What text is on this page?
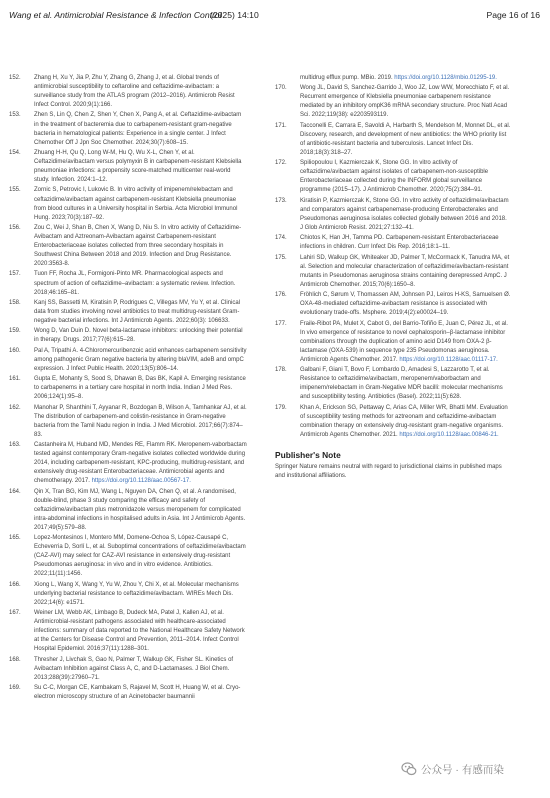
Wang et al. Antimicrobial Resistance & Infection Control
(2025) 14:10	Page 16 of 16
152.	Zhang H, Xu Y, Jia P, Zhu Y, Zhang G, Zhang J, et al. Global trends of antimicrobial susceptibility to ceftaroline and ceftazidime-avibactam: a surveillance study from the ATLAS program (2012–2016). Antimicrob Resist Infect Control. 2020;9(1):166.
153.	Zhen S, Lin Q, Chen Z, Shen Y, Chen X, Pang A, et al. Ceftazidime-avibactam in the treatment of bacteremia due to carbapenem-resistant gram-negative bacteria in hematological patients: Experience in a single center. J Infect Chemother Off J Jpn Soc Chemother. 2024;30(7):608–15.
154.	Zhuang H-H, Qu Q, Long W-M, Hu Q, Wu X-L, Chen Y, et al. Ceftazidime/avibactam versus polymyxin B in carbapenem-resistant Klebsiella pneumoniae infections: a propensity score-matched multicenter real-world study. Infection. 2024:1–12.
155.	Zornic S, Petrovic I, Lukovic B. In vitro activity of imipenem/relebactam and ceftazidime/avibactam against carbapenem-resistant Klebsiella pneumoniae from blood cultures in a University hospital in Serbia. Acta Microbiol Immunol Hung. 2023;70(3):187–92.
156.	Zou C, Wei J, Shan B, Chen X, Wang D, Niu S. In vitro activity of Ceftazidime-Avibactam and Aztreonam-Avibactam against Carbapenem-resistant Enterobacteriaceae isolates collected from three secondary hospitals in Southwest China Between 2018 and 2019. Infection and Drug Resistance. 2020:3563-8.
157.	Tuon FF, Rocha JL, Formigoni-Pinto MR. Pharmacological aspects and spectrum of action of ceftazidime–avibactam: a systematic review. Infection. 2018;46:165–81.
158.	Kanj SS, Bassetti M, Kiratisin P, Rodrigues C, Villegas MV, Yu Y, et al. Clinical data from studies involving novel antibiotics to treat multidrug-resistant Gram-negative bacterial infections. Int J Antimicrob Agents. 2022;60(3): 106633.
159.	Wong D, Van Duin D. Novel beta-lactamase inhibitors: unlocking their potential in therapy. Drugs. 2017;77(6):615–28.
160.	Pal A, Tripathi A. 4-Chloromercuribenzoic acid enhances carbapenem sensitivity among pathogenic Gram negative bacteria by altering blaVIM, adeB and ompC expression. J Infect Public Health. 2020;13(5):806–14.
161.	Gupta E, Mohanty S, Sood S, Dhawan B, Das BK, Kapil A. Emerging resistance to carbapenems in a tertiary care hospital in north India. Indian J Med Res. 2006;124(1):95–8.
162.	Manohar P, Shanthini T, Ayyanar R, Bozdogan B, Wilson A, Tamhankar AJ, et al. The distribution of carbapenem-and colistin-resistance in Gram-negative bacteria from the Tamil Nadu region in India. J Med Microbiol. 2017;66(7):874–83.
163.	Castanheira M, Huband MD, Mendes RE, Flamm RK. Meropenem-vaborbactam tested against contemporary Gram-negative isolates collected worldwide during 2014, including carbapenem-resistant, KPC-producing, multidrug-resistant, and extensively drug-resistant Enterobacteriaceae. Antimicrobial agents and chemotherapy. 2017. https://doi.org/10.1128/aac.00567-17.
164.	Qin X, Tran BG, Kim MJ, Wang L, Nguyen DA, Chen Q, et al. A randomised, double-blind, phase 3 study comparing the efficacy and safety of ceftazidime/avibactam plus metronidazole versus meropenem for complicated intra-abdominal infections in hospitalised adults in Asia. Int J Antimicrob Agents. 2017;49(5):579–88.
165.	Lopez-Montesinos I, Montero MM, Domene-Ochoa S, López-Causapé C, Echeverria D, Sorlí L, et al. Suboptimal concentrations of ceftazidime/avibactam (CAZ-AVI) may select for CAZ-AVI resistance in extensively drug-resistant Pseudomonas aeruginosa: in vivo and in vitro evidence. Antibiotics. 2022;11(11):1456.
166.	Xiong L, Wang X, Wang Y, Yu W, Zhou Y, Chi X, et al. Molecular mechanisms underlying bacterial resistance to ceftazidime/avibactam. WIREs Mech Dis. 2022;14(6): e1571.
167.	Weiner LM, Webb AK, Limbago B, Dudeck MA, Patel J, Kallen AJ, et al. Antimicrobial-resistant pathogens associated with healthcare-associated infections: summary of data reported to the National Healthcare Safety Network at the Centers for Disease Control and Prevention, 2011–2014. Infect Control Hospital Epidemiol. 2016;37(11):1288–301.
168.	Thresher J, Livchak S, Gao N, Palmer T, Walkup GK, Fisher SL. Kinetics of Avibactam Inhibition against Class A, C, and D-Lactamases. J Biol Chem. 2013;288(39):27960–71.
169.	Su C-C, Morgan CE, Kambakam S, Rajavel M, Scott H, Huang W, et al. Cryo-electron microscopy structure of an Acinetobacter baumannii
multidrug efflux pump. MBio. 2019. https://doi.org/10.1128/mbio.01295-19.
170.	Wong JL, David S, Sanchez-Garrido J, Woo JZ, Low WW, Morecchiato F, et al. Recurrent emergence of Klebsiella pneumoniae carbapenem resistance mediated by an inhibitory ompK36 mRNA secondary structure. Proc Natl Acad Sci. 2022;119(38): e2203593119.
171.	Tacconelli E, Carrara E, Savoldi A, Harbarth S, Mendelson M, Monnet DL, et al. Discovery, research, and development of new antibiotics: the WHO priority list of antibiotic-resistant bacteria and tuberculosis. Lancet Infect Dis. 2018;18(3):318–27.
172.	Spiliopoulou I, Kazmierczak K, Stone GG. In vitro activity of ceftazidime/avibactam against isolates of carbapenem-non-susceptible Enterobacteriaceae collected during the INFORM global surveillance programme (2015–17). J Antimicrob Chemother. 2020;75(2):384–91.
173.	Kiratisin P, Kazmierczak K, Stone GG. In vitro activity of ceftazidime/avibactam and comparators against carbapenemase-producing Enterobacterales and Pseudomonas aeruginosa isolates collected globally between 2016 and 2018. J Glob Antimicrob Resist. 2021;27:132–41.
174.	Chiotos K, Han JH, Tamma PD. Carbapenem-resistant Enterobacteriaceae infections in children. Curr Infect Dis Rep. 2016;18:1–11.
175.	Lahiri SD, Walkup GK, Whiteaker JD, Palmer T, McCormack K, Tanudra MA, et al. Selection and molecular characterization of ceftazidime/avibactam-resistant mutants in Pseudomonas aeruginosa strains containing derepressed AmpC. J Antimicrob Chemother. 2015;70(6):1650–8.
176.	Fröhlich C, Sørum V, Thomassen AM, Johnsen PJ, Leiros H-KS, Samuelsen Ø. OXA-48-mediated ceftazidime-avibactam resistance is associated with evolutionary trade-offs. Msphere. 2019;4(2):e00024–19.
177.	Fraile-Ribot PA, Mulet X, Cabot G, del Barrio-Tofiño E, Juan C, Pérez JL, et al. In vivo emergence of resistance to novel cephalosporin–β-lactamase inhibitor combinations through the duplication of amino acid D149 from OXA-2 β-lactamase (OXA-539) in sequence type 235 Pseudomonas aeruginosa. Antimicrob Agents Chemother. 2017. https://doi.org/10.1128/aac.01117-17.
178.	Galbani F, Giani T, Bovo F, Lombardo D, Amadesi S, Lazzarotto T, et al. Resistance to ceftazidime/avibactam, meropenem/vaborbactam and imipenem/relebactam in Gram-Negative MDR bacilli: molecular mechanisms and susceptibility testing. Antibiotics (Basel). 2022;11(5):628.
179.	Khan A, Erickson SG, Pettaway C, Arias CA, Miller WR, Bhatti MM. Evaluation of susceptibility testing methods for aztreonam and ceftazidime-avibactam combination therapy on extensively drug-resistant gram-negative organisms. Antimicrob Agents Chemother. 2021. https://doi.org/10.1128/aac.00846-21.
Publisher's Note
Springer Nature remains neutral with regard to jurisdictional claims in published maps and institutional affiliations.
公众号 · 有感而染
